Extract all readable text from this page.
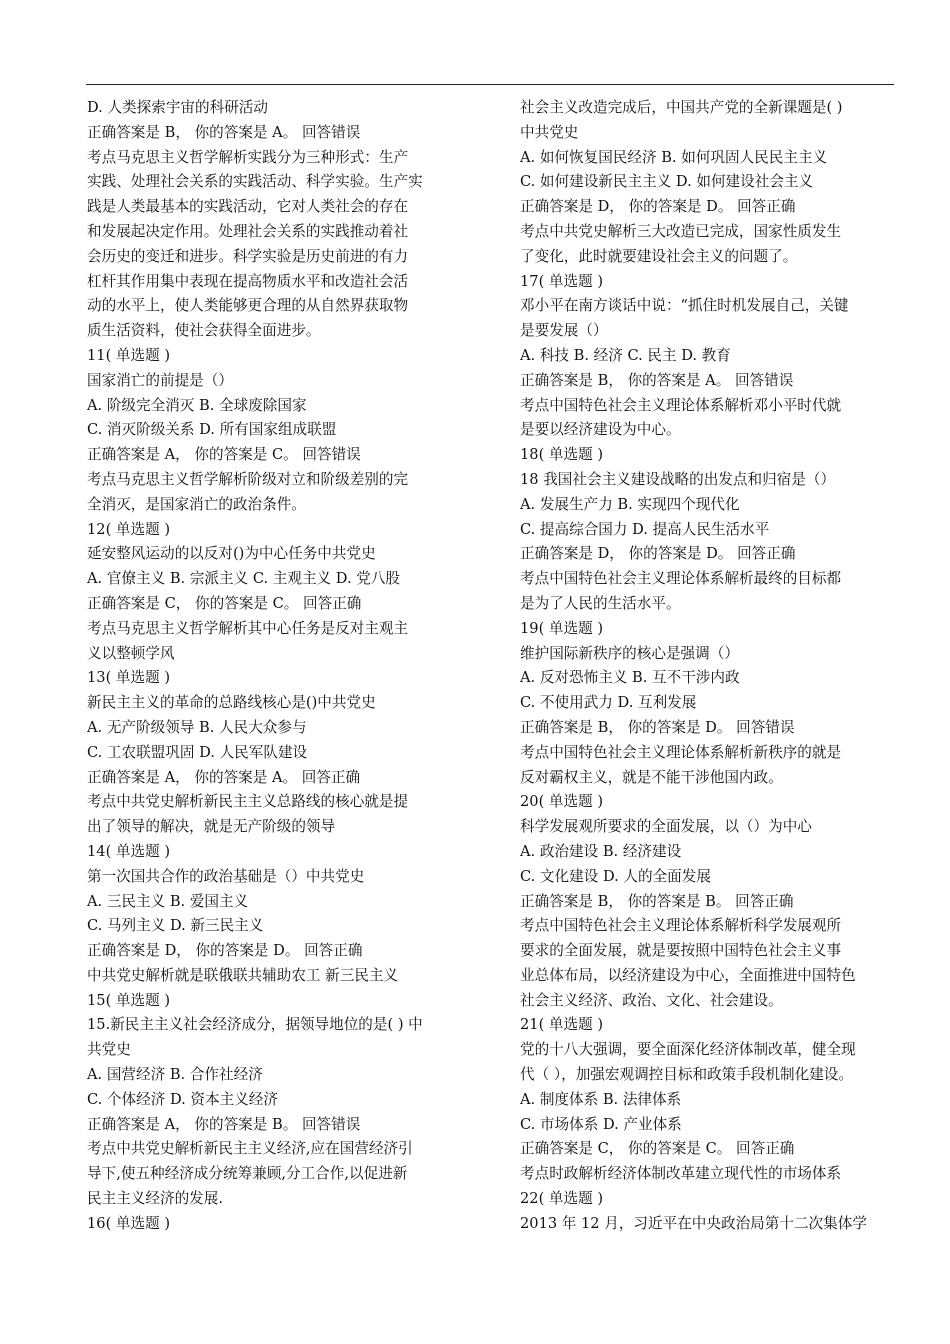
D. 人类探索宇宙的科研活动
正确答案是 B， 你的答案是 A。 回答错误
考点马克思主义哲学解析实践分为三种形式：生产
实践、处理社会关系的实践活动、科学实验。生产实
践是人类最基本的实践活动，它对人类社会的存在
和发展起决定作用。处理社会关系的实践推动着社
会历史的变迁和进步。科学实验是历史前进的有力
杠杆其作用集中表现在提高物质水平和改造社会活
动的水平上，使人类能够更合理的从自然界获取物
质生活资料，使社会获得全面进步。
11( 单选题 )
国家消亡的前提是（）
A. 阶级完全消灭 B. 全球废除国家
C. 消灭阶级关系 D. 所有国家组成联盟
正确答案是 A， 你的答案是 C。 回答错误
考点马克思主义哲学解析阶级对立和阶级差别的完
全消灭，是国家消亡的政治条件。
12( 单选题 )
延安整风运动的以反对()为中心任务中共党史
A. 官僚主义 B. 宗派主义 C. 主观主义 D. 党八股
正确答案是 C， 你的答案是 C。 回答正确
考点马克思主义哲学解析其中心任务是反对主观主
义以整顿学风
13( 单选题 )
新民主主义的革命的总路线核心是()中共党史
A. 无产阶级领导 B. 人民大众参与
C. 工农联盟巩固 D. 人民军队建设
正确答案是 A， 你的答案是 A。 回答正确
考点中共党史解析新民主主义总路线的核心就是提
出了领导的解决，就是无产阶级的领导
14( 单选题 )
第一次国共合作的政治基础是（）中共党史
A. 三民主义 B. 爱国主义
C. 马列主义 D. 新三民主义
正确答案是 D， 你的答案是 D。 回答正确
中共党史解析就是联俄联共辅助农工 新三民主义
15( 单选题 )
15.新民主主义社会经济成分，据领导地位的是( ) 中
共党史
A. 国营经济 B. 合作社经济
C. 个体经济 D. 资本主义经济
正确答案是 A， 你的答案是 B。 回答错误
考点中共党史解析新民主主义经济,应在国营经济引
导下,使五种经济成分统筹兼顾,分工合作,以促进新
民主主义经济的发展.
16( 单选题 )
社会主义改造完成后，中国共产党的全新课题是( )
中共党史
A. 如何恢复国民经济 B. 如何巩固人民民主主义
C. 如何建设新民主主义 D. 如何建设社会主义
正确答案是 D， 你的答案是 D。 回答正确
考点中共党史解析三大改造已完成，国家性质发生
了变化，此时就要建设社会主义的问题了。
17( 单选题 )
邓小平在南方谈话中说：“抓住时机发展自己，关键
是要发展（）
A. 科技 B. 经济 C. 民主 D. 教育
正确答案是 B， 你的答案是 A。 回答错误
考点中国特色社会主义理论体系解析邓小平时代就
是要以经济建设为中心。
18( 单选题 )
18 我国社会主义建设战略的出发点和归宿是（）
A. 发展生产力 B. 实现四个现代化
C. 提高综合国力 D. 提高人民生活水平
正确答案是 D， 你的答案是 D。 回答正确
考点中国特色社会主义理论体系解析最终的目标都
是为了人民的生活水平。
19( 单选题 )
维护国际新秩序的核心是强调（）
A. 反对恐怖主义 B. 互不干涉内政
C. 不使用武力 D. 互利发展
正确答案是 B， 你的答案是 D。 回答错误
考点中国特色社会主义理论体系解析新秩序的就是
反对霸权主义，就是不能干涉他国内政。
20( 单选题 )
科学发展观所要求的全面发展，以（）为中心
A. 政治建设 B. 经济建设
C. 文化建设 D. 人的全面发展
正确答案是 B， 你的答案是 B。 回答正确
考点中国特色社会主义理论体系解析科学发展观所
要求的全面发展，就是要按照中国特色社会主义事
业总体布局，以经济建设为中心，全面推进中国特色
社会主义经济、政治、文化、社会建设。
21( 单选题 )
党的十八大强调，要全面深化经济体制改革，健全现
代（ ），加强宏观调控目标和政策手段机制化建设。
A. 制度体系 B. 法律体系
C. 市场体系 D. 产业体系
正确答案是 C， 你的答案是 C。 回答正确
考点时政解析经济体制改革建立现代性的市场体系
22( 单选题 )
2013 年 12 月，习近平在中央政治局第十二次集体学
